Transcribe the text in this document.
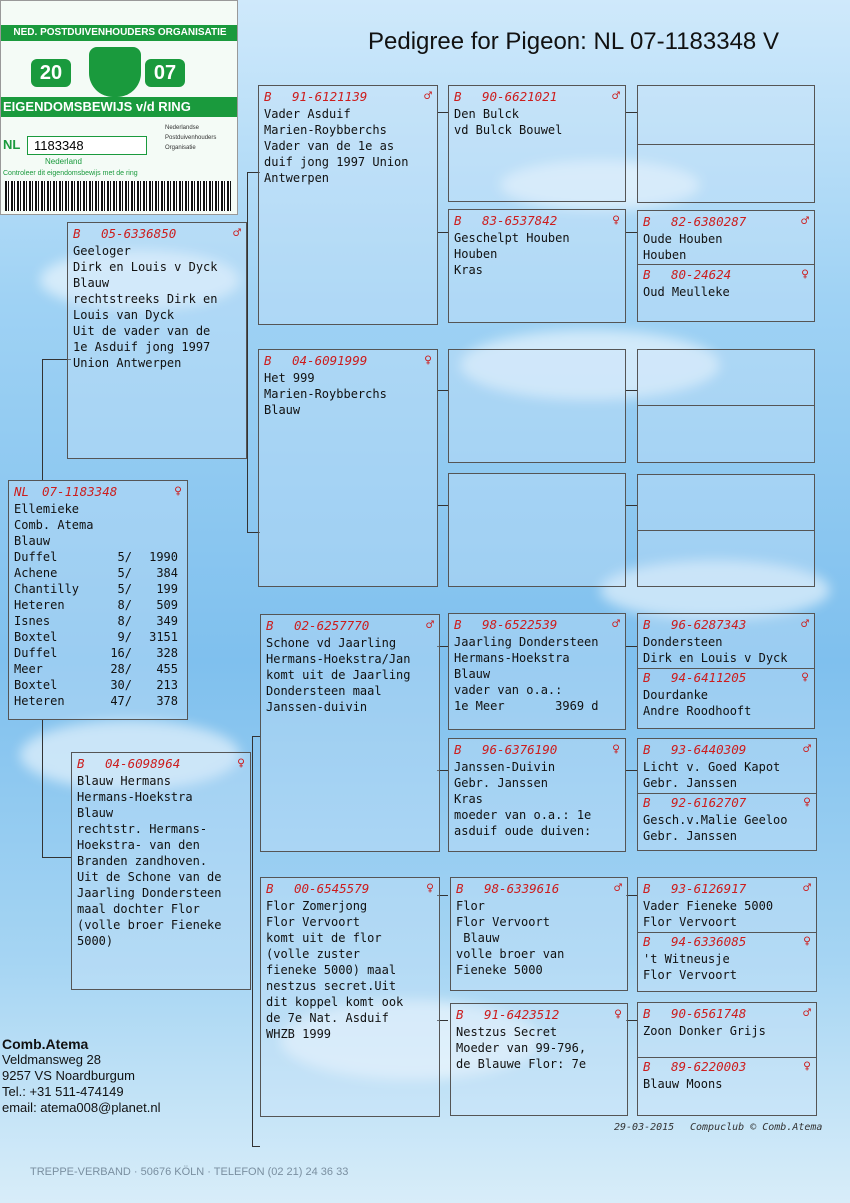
NED. POSTDUIVENHOUDERS ORGANISATIE
20	07
EIGENDOMSBEWIJS v/d RING
NL	1183348
Nederlandse Postduivenhouders Organisatie
Nederland
Controleer dit eigendomsbewijs met de ring
Pedigree for Pigeon: NL 07-1183348 V
NL	07-1183348	♀
Ellemieke
Comb. Atema
Blauw
Duffel	5/	1990
Achene	5/	384
Chantilly	5/	199
Heteren	8/	509
Isnes	8/	349
Boxtel	9/	3151
Duffel	16/	328
Meer	28/	455
Boxtel	30/	213
Heteren	47/	378
B	05-6336850	♂
Geeloger
Dirk en Louis v Dyck
Blauw
rechtstreeks Dirk en
Louis van Dyck
Uit de vader van de
1e Asduif jong 1997
Union Antwerpen
B	04-6098964	♀
Blauw Hermans
Hermans-Hoekstra
Blauw
rechtstr. Hermans-
Hoekstra- van den
Branden zandhoven.
Uit de Schone van de
Jaarling Dondersteen
maal dochter Flor
(volle broer Fieneke
5000)
B	91-6121139	♂
Vader Asduif
Marien-Roybberchs
Vader van de 1e as
duif jong 1997 Union
Antwerpen
B	04-6091999	♀
Het 999
Marien-Roybberchs
Blauw
B	02-6257770	♂
Schone vd Jaarling
Hermans-Hoekstra/Jan
komt uit de Jaarling
Dondersteen maal
Janssen-duivin
B	00-6545579	♀
Flor Zomerjong
Flor Vervoort
komt uit de flor
(volle zuster
fieneke 5000) maal
nestzus secret.Uit
dit koppel komt ook
de 7e Nat. Asduif
WHZB 1999
B	90-6621021	♂
Den Bulck
vd Bulck Bouwel
B	83-6537842	♀
Geschelpt Houben
Houben
Kras
B	98-6522539	♂
Jaarling Dondersteen
Hermans-Hoekstra
Blauw
vader van o.a.:
1e Meer       3969 d
B	96-6376190	♀
Janssen-Duivin
Gebr. Janssen
Kras
moeder van o.a.: 1e
asduif oude duiven:
B	98-6339616	♂
Flor
Flor Vervoort
Blauw
volle broer van
Fieneke 5000
B	91-6423512	♀
Nestzus Secret
Moeder van 99-796,
de Blauwe Flor: 7e
B	82-6380287	♂
Oude Houben
Houben
B	80-24624	♀
Oud Meulleke
B	96-6287343	♂
Dondersteen
Dirk en Louis v Dyck
B	94-6411205	♀
Dourdanke
Andre Roodhooft
B	93-6440309	♂
Licht v. Goed Kapot
Gebr. Janssen
B	92-6162707	♀
Gesch.v.Malie Geeloo
Gebr. Janssen
B	93-6126917	♂
Vader Fieneke 5000
Flor Vervoort
B	94-6336085	♀
't Witneusje
Flor Vervoort
B	90-6561748	♂
Zoon Donker Grijs
B	89-6220003	♀
Blauw Moons
Comb.Atema
Veldmansweg 28
9257 VS Noardburgum
Tel.: +31 511-474149
email: atema008@planet.nl
29-03-2015 Compuclub © Comb.Atema
TREPPE-VERBAND · 50676 KÖLN · TELEFON (02 21) 24 36 33
